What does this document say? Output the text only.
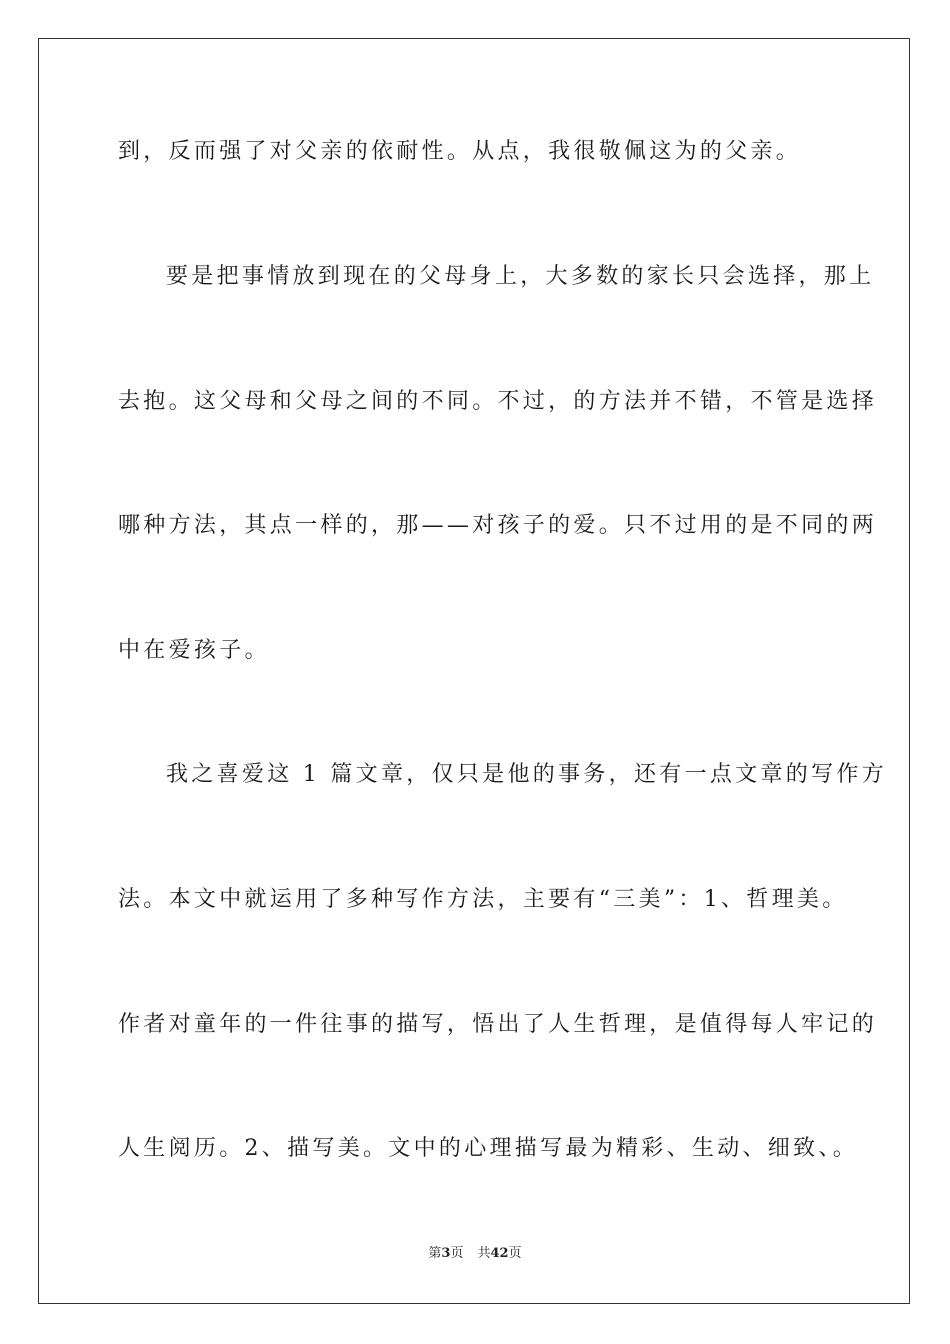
到，反而强了对父亲的依耐性。从点，我很敬佩这为的父亲。
要是把事情放到现在的父母身上，大多数的家长只会选择，那上
去抱。这父母和父母之间的不同。不过，的方法并不错，不管是选择
哪种方法，其点一样的，那——对孩子的爱。只不过用的是不同的两
中在爱孩子。
我之喜爱这 1 篇文章，仅只是他的事务，还有一点文章的写作方
法。本文中就运用了多种写作方法，主要有“三美”：1、哲理美。
作者对童年的一件往事的描写，悟出了人生哲理，是值得每人牢记的
人生阅历。2、描写美。文中的心理描写最为精彩、生动、细致、。
第3页 共42页
